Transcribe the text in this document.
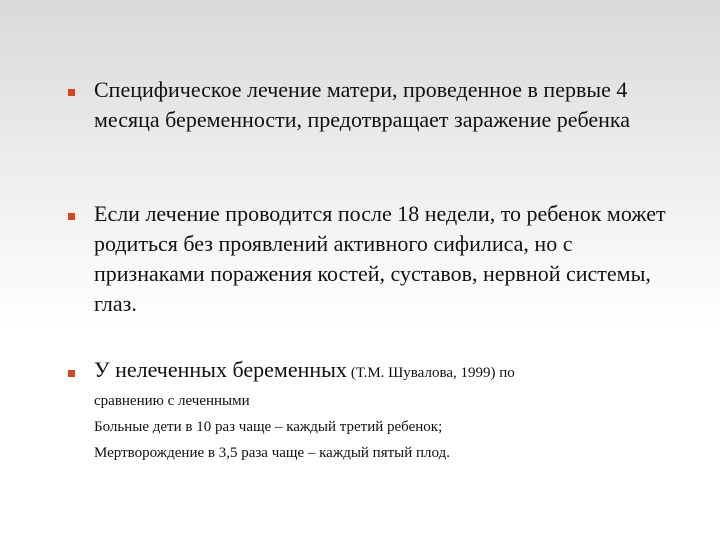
Специфическое лечение матери, проведенное в первые 4 месяца беременности, предотвращает заражение ребенка
Если лечение проводится после 18 недели, то ребенок может родиться без проявлений активного сифилиса, но с признаками поражения костей, суставов, нервной системы, глаз.
У нелеченных беременных (Т.М. Шувалова, 1999) по
сравнению с леченными
Больные дети в 10 раз чаще – каждый третий ребенок;
Мертворождение в 3,5 раза чаще – каждый пятый плод.
